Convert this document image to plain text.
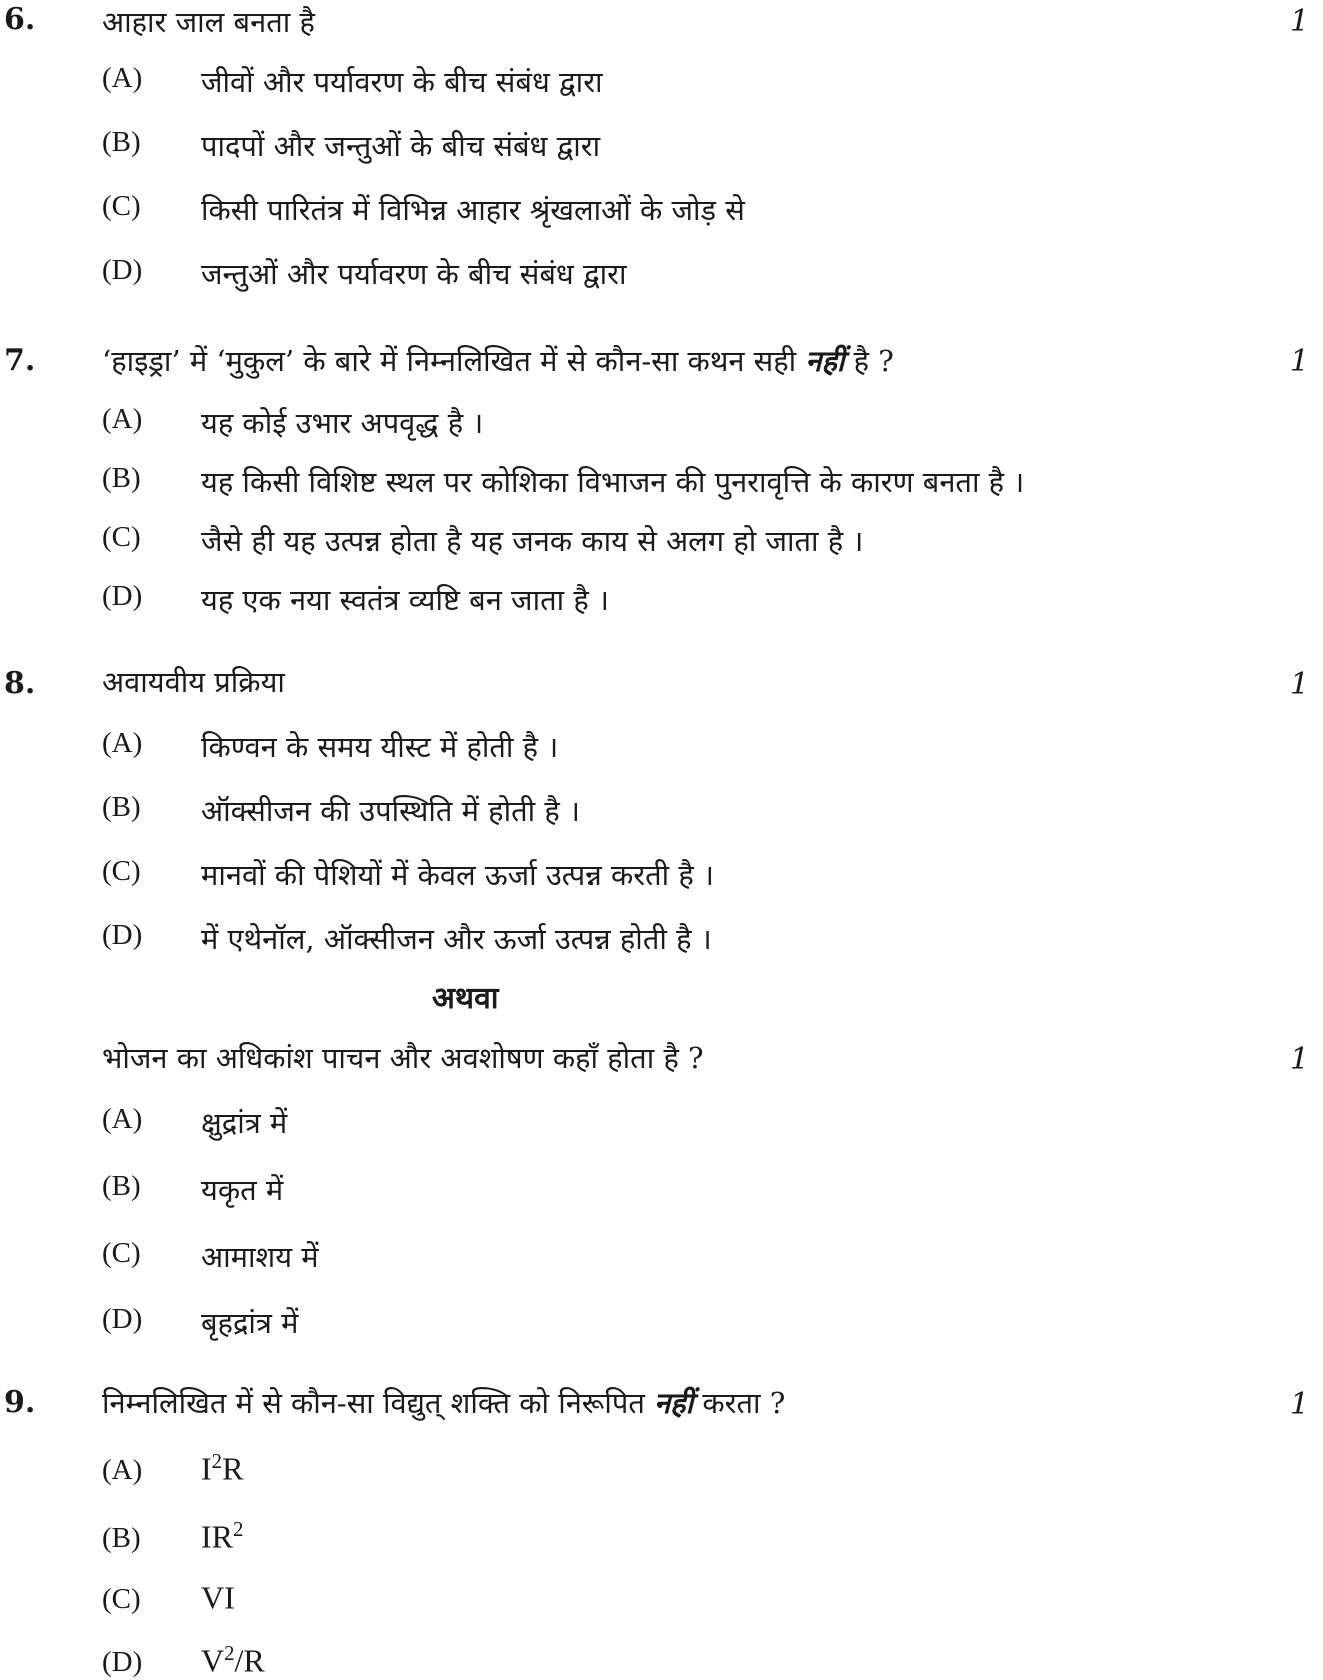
6. आहार जाल बनता है	1
(A) जीवों और पर्यावरण के बीच संबंध द्वारा
(B) पादपों और जन्तुओं के बीच संबंध द्वारा
(C) किसी पारितंत्र में विभिन्न आहार श्रृंखलाओं के जोड़ से
(D) जन्तुओं और पर्यावरण के बीच संबंध द्वारा
7. ‘हाइड्रा’ में ‘मुकुल’ के बारे में निम्नलिखित में से कौन-सा कथन सही नहीं है ?	1
(A) यह कोई उभार अपवृद्ध है ।
(B) यह किसी विशिष्ट स्थल पर कोशिका विभाजन की पुनरावृत्ति के कारण बनता है ।
(C) जैसे ही यह उत्पन्न होता है यह जनक काय से अलग हो जाता है ।
(D) यह एक नया स्वतंत्र व्यष्टि बन जाता है ।
8. अवायवीय प्रक्रिया	1
(A) किण्वन के समय यीस्ट में होती है ।
(B) ऑक्सीजन की उपस्थिति में होती है ।
(C) मानवों की पेशियों में केवल ऊर्जा उत्पन्न करती है ।
(D) में एथेनॉल, ऑक्सीजन और ऊर्जा उत्पन्न होती है ।
अथवा
भोजन का अधिकांश पाचन और अवशोषण कहाँ होता है ?	1
(A) क्षुद्रांत्र में
(B) यकृत में
(C) आमाशय में
(D) बृहद्रांत्र में
9. निम्नलिखित में से कौन-सा विद्युत् शक्ति को निरूपित नहीं करता ?	1
(A) $I^2R$
(B) $IR^2$
(C) VI
(D) $V^2/R$
